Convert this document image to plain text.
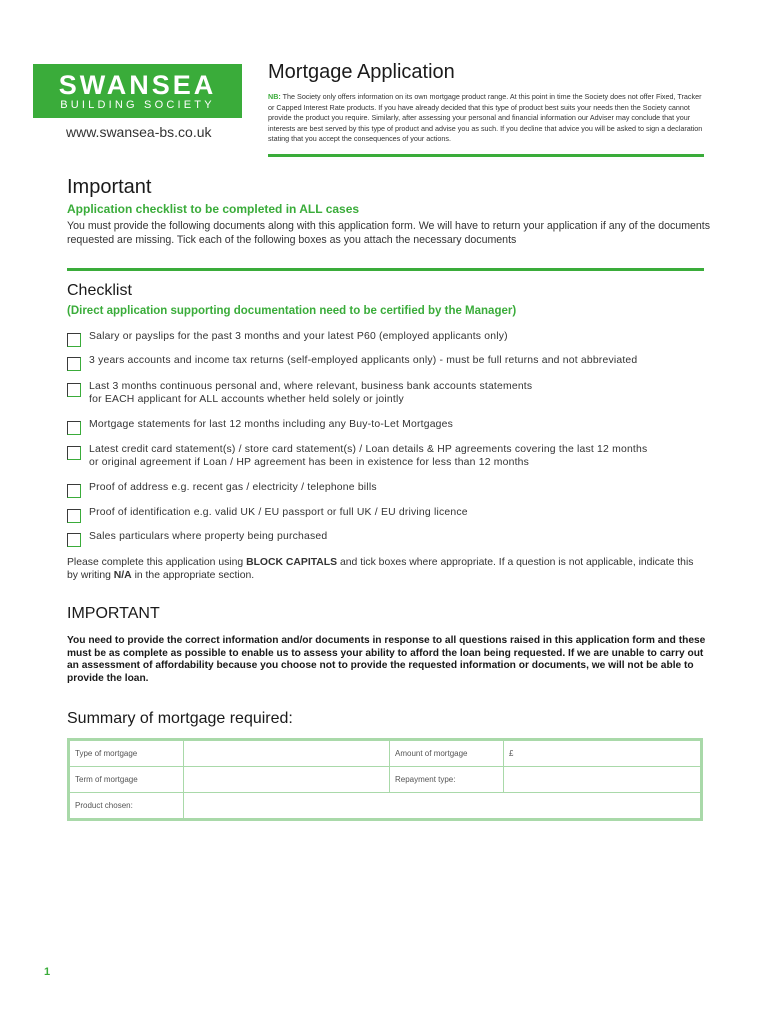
SWANSEA
BUILDING SOCIETY
www.swansea-bs.co.uk
Mortgage Application
NB: The Society only offers information on its own mortgage product range. At this point in time the Society does not offer Fixed, Tracker or Capped Interest Rate products. If you have already decided that this type of product best suits your needs then the Society cannot provide the product you require. Similarly, after assessing your personal and financial information our Adviser may conclude that your interests are best served by this type of product and advise you as such. If you decline that advice you will be asked to sign a declaration stating that you accept the consequences of your actions.
Important
Application checklist to be completed in ALL cases
You must provide the following documents along with this application form. We will have to return your application if any of the documents requested are missing. Tick each of the following boxes as you attach the necessary documents
Checklist
(Direct application supporting documentation need to be certified by the Manager)
Salary or payslips for the past 3 months and your latest P60 (employed applicants only)
3 years accounts and income tax returns (self-employed applicants only) - must be full returns and not abbreviated
Last 3 months continuous personal and, where relevant, business bank accounts statements
for EACH applicant for ALL accounts whether held solely or jointly
Mortgage statements for last 12 months including any Buy-to-Let Mortgages
Latest credit card statement(s) / store card statement(s) / Loan details & HP agreements covering the last 12 months
or original agreement if Loan / HP agreement has been in existence for less than 12 months
Proof of address e.g. recent gas / electricity / telephone bills
Proof of identification e.g. valid UK / EU passport or full UK / EU driving licence
Sales particulars where property being purchased
Please complete this application using BLOCK CAPITALS and tick boxes where appropriate. If a question is not applicable, indicate this by writing N/A in the appropriate section.
IMPORTANT
You need to provide the correct information and/or documents in response to all questions raised in this application form and these must be as complete as possible to enable us to assess your ability to afford the loan being requested. If we are unable to carry out an assessment of affordability because you choose not to provide the requested information or documents, we will not be able to provide the loan.
Summary of mortgage required:
Type of mortgage		Amount of mortgage	£
Term of mortgage		Repayment type:	
Product chosen:			
1
